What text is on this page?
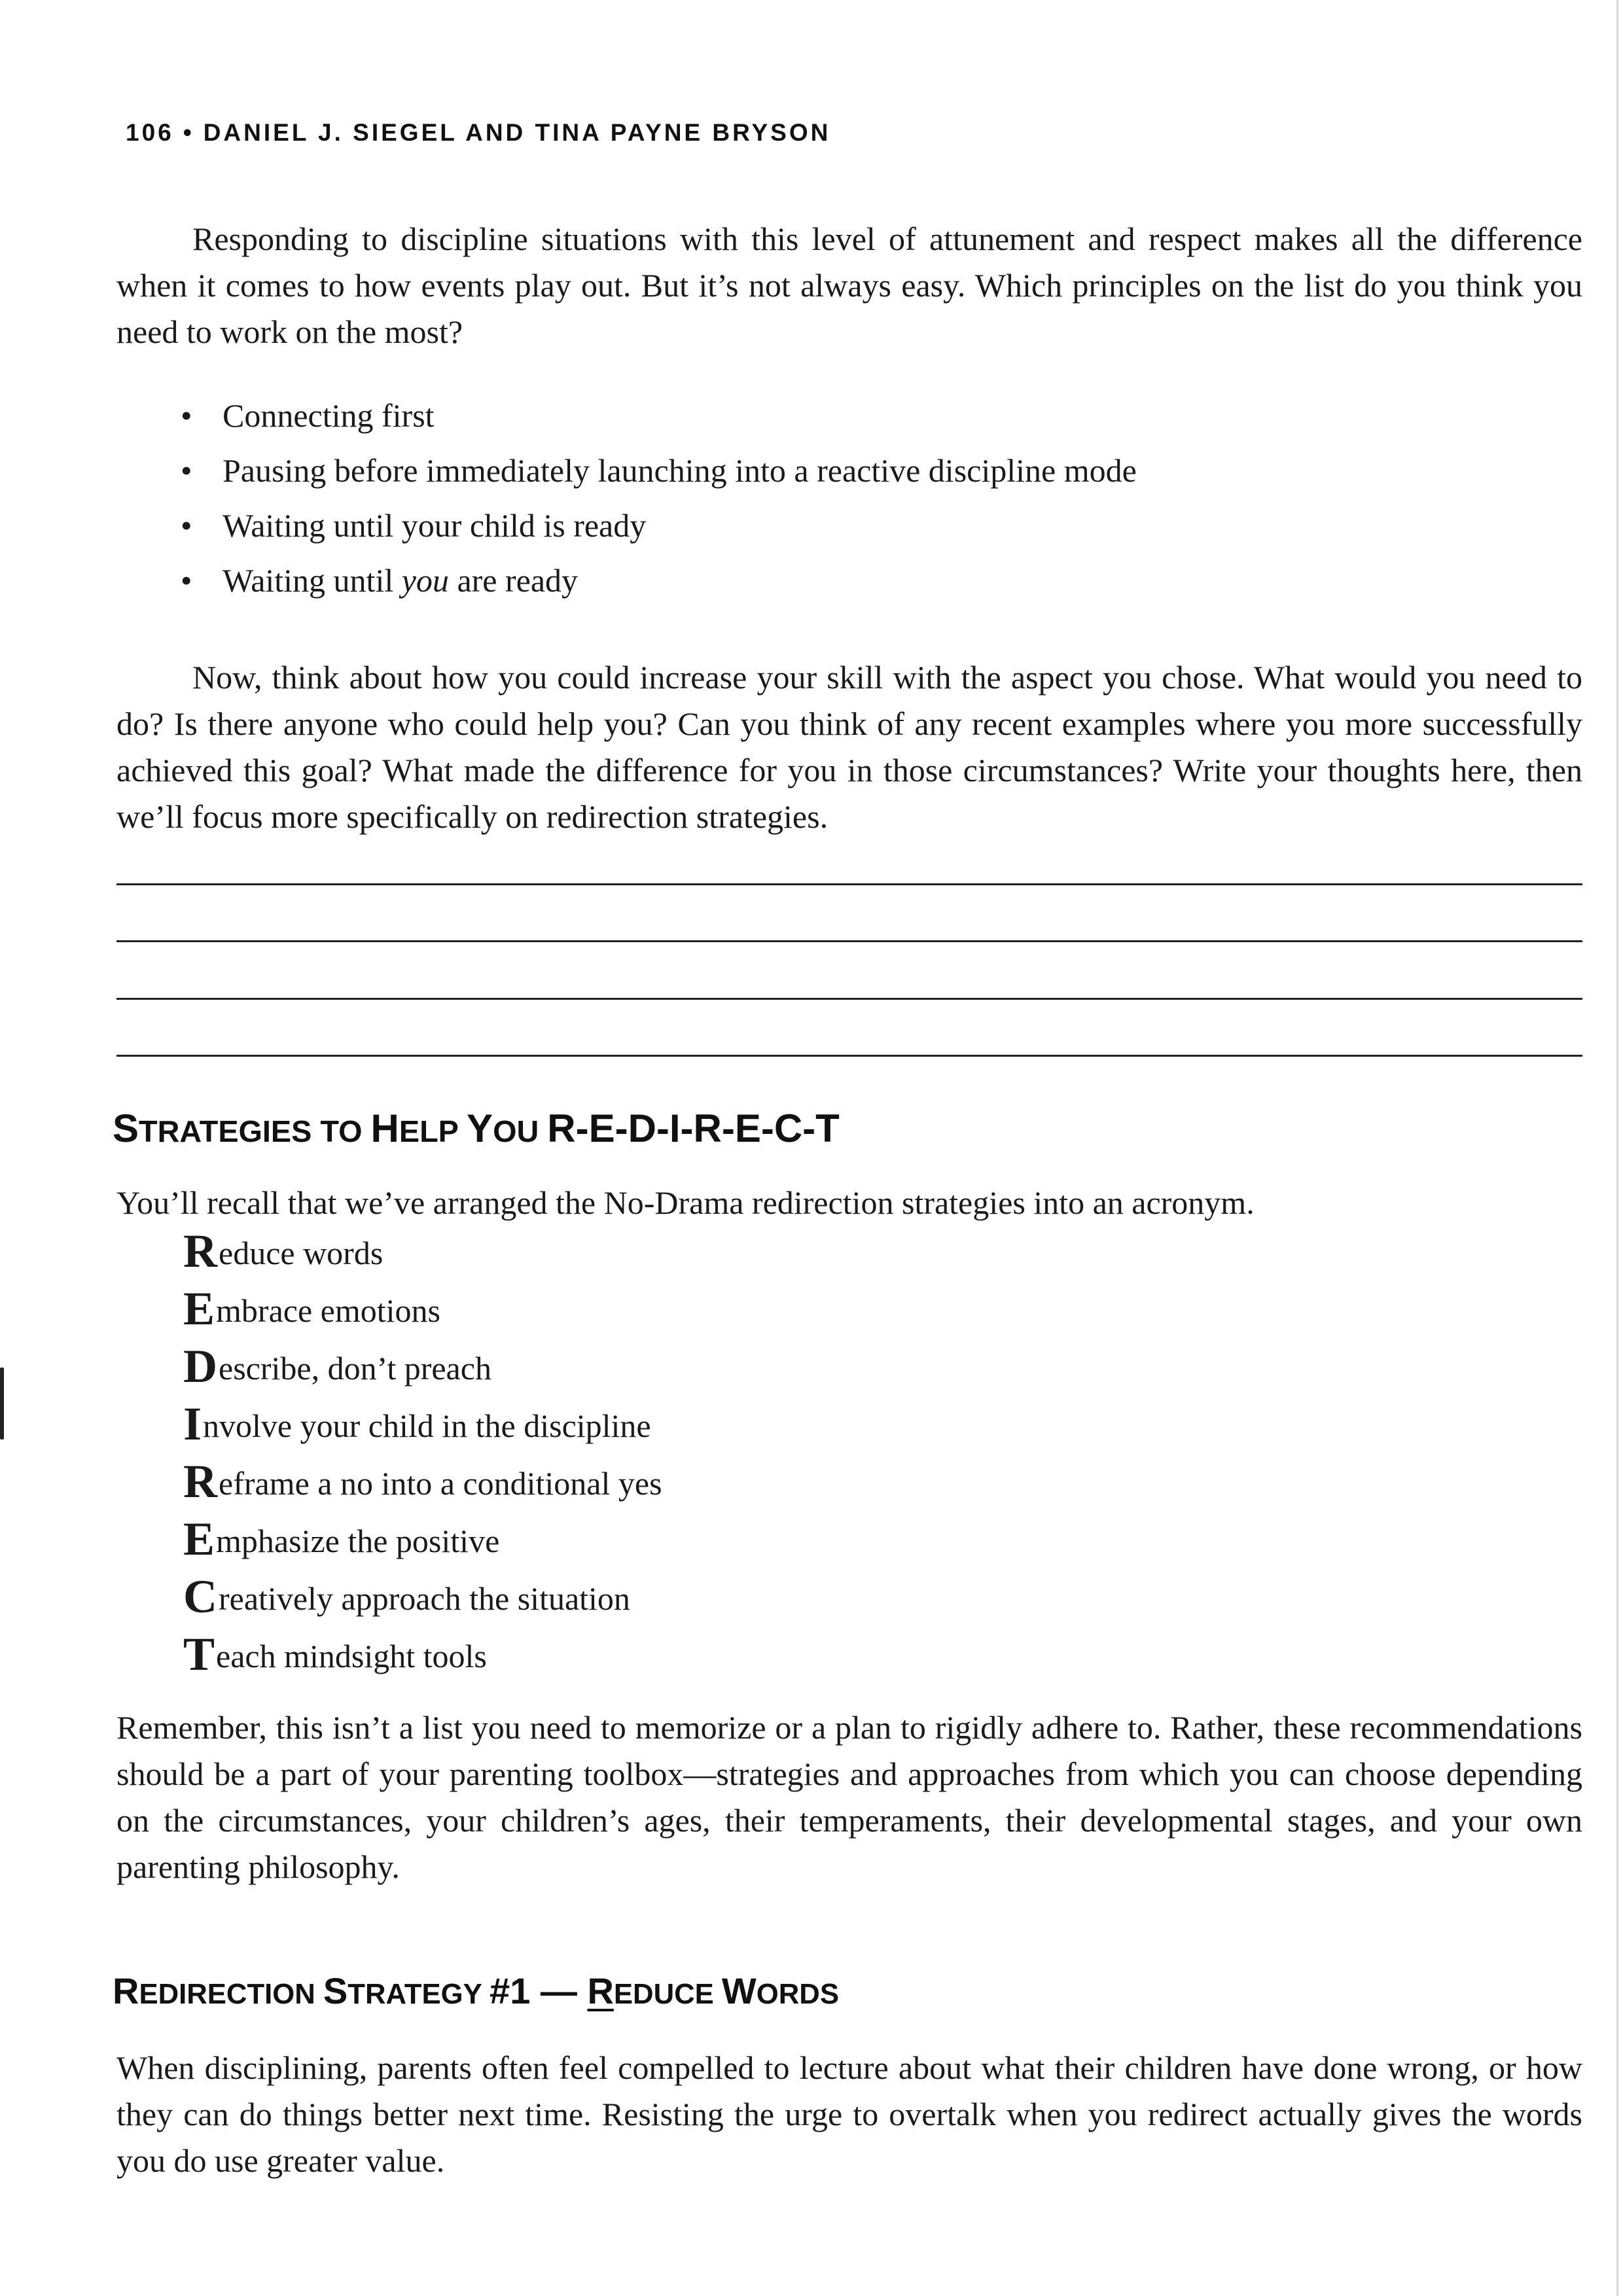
106 • DANIEL J. SIEGEL AND TINA PAYNE BRYSON

Responding to discipline situations with this level of attunement and respect makes all the difference when it comes to how events play out. But it’s not always easy. Which principles on the list do you think you need to work on the most?

• Connecting first
• Pausing before immediately launching into a reactive discipline mode
• Waiting until your child is ready
• Waiting until you are ready

Now, think about how you could increase your skill with the aspect you chose. What would you need to do? Is there anyone who could help you? Can you think of any recent examples where you more successfully achieved this goal? What made the difference for you in those circumstances? Write your thoughts here, then we’ll focus more specifically on redirection strategies.

STRATEGIES TO HELP YOU R-E-D-I-R-E-C-T

You’ll recall that we’ve arranged the No-Drama redirection strategies into an acronym.

Reduce words
Embrace emotions
Describe, don’t preach
Involve your child in the discipline
Reframe a no into a conditional yes
Emphasize the positive
Creatively approach the situation
Teach mindsight tools

Remember, this isn’t a list you need to memorize or a plan to rigidly adhere to. Rather, these recommendations should be a part of your parenting toolbox—strategies and approaches from which you can choose depending on the circumstances, your children’s ages, their temperaments, their developmental stages, and your own parenting philosophy.

REDIRECTION STRATEGY #1 — REDUCE WORDS

When disciplining, parents often feel compelled to lecture about what their children have done wrong, or how they can do things better next time. Resisting the urge to overtalk when you redirect actually gives the words you do use greater value.
